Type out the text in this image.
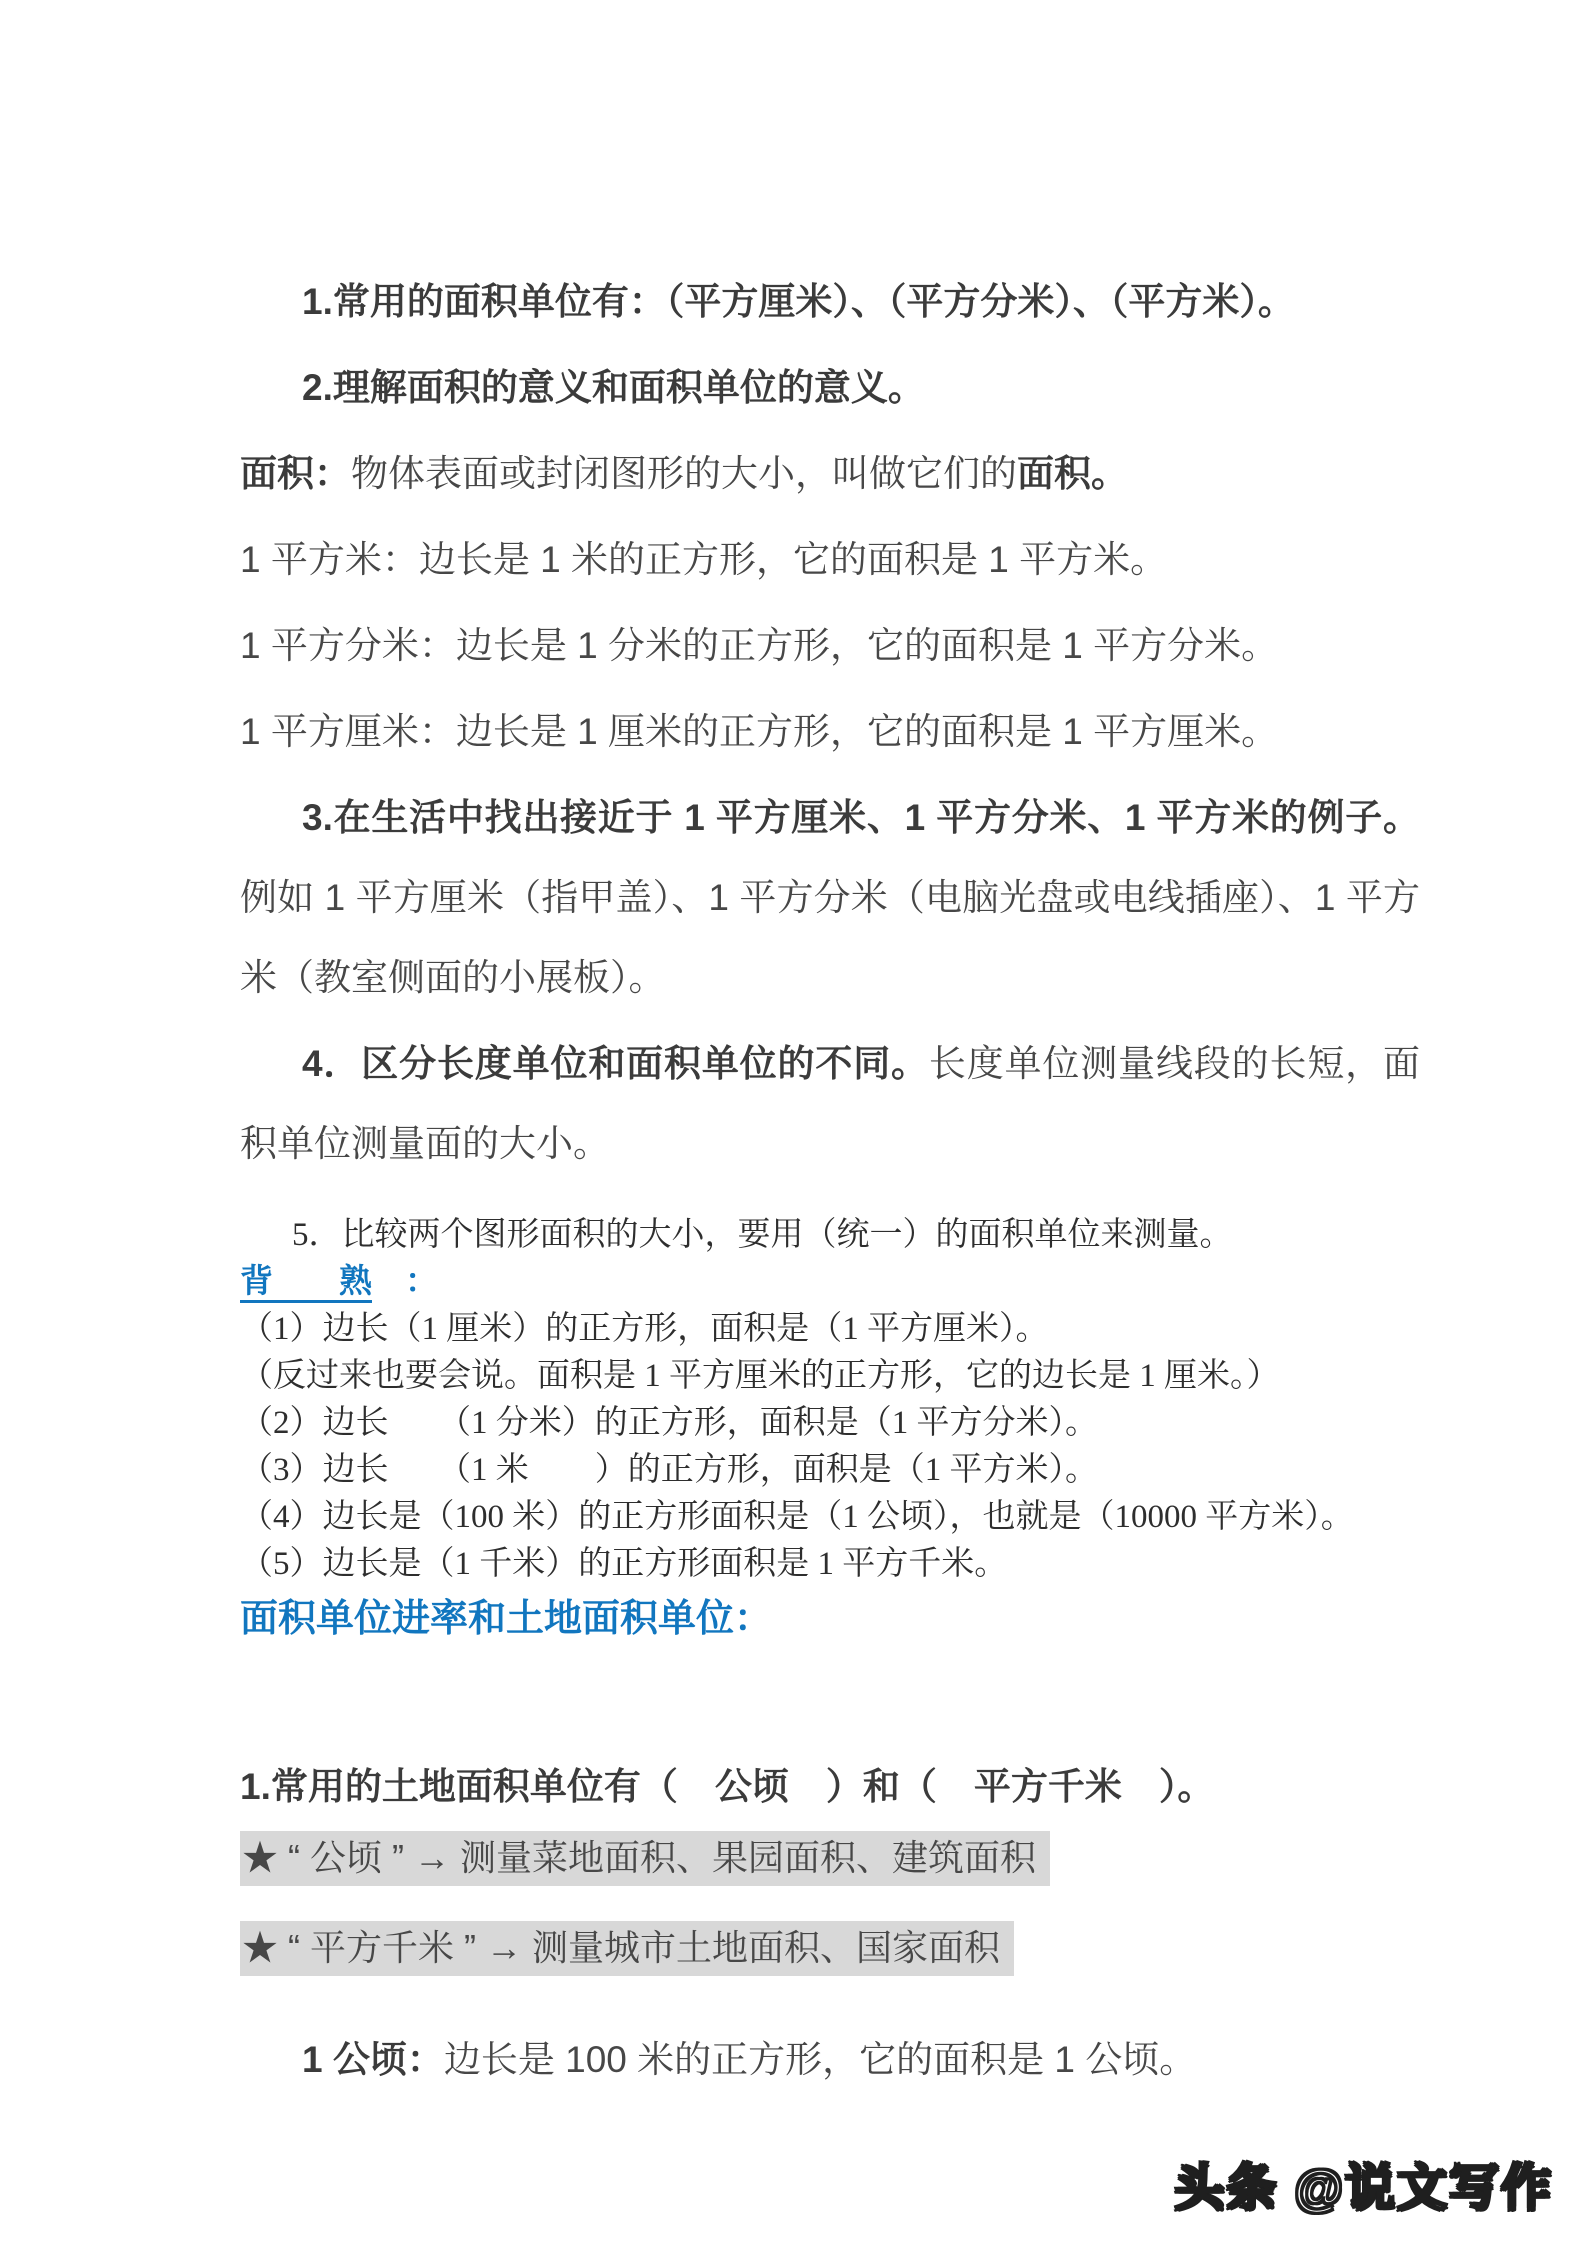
1.常用的面积单位有：（平方厘米）、（平方分米）、（平方米）。

2.理解面积的意义和面积单位的意义。

面积：物体表面或封闭图形的大小，叫做它们的面积。

1 平方米：边长是 1 米的正方形，它的面积是 1 平方米。

1 平方分米：边长是 1 分米的正方形，它的面积是 1 平方分米。

1 平方厘米：边长是 1 厘米的正方形，它的面积是 1 平方厘米。

3.在生活中找出接近于 1 平方厘米、1 平方分米、1 平方米的例子。例如 1 平方厘米（指甲盖）、1 平方分米（电脑光盘或电线插座）、1 平方米（教室侧面的小展板）。

4．区分长度单位和面积单位的不同。长度单位测量线段的长短，面积单位测量面的大小。

5．比较两个图形面积的大小，要用（统一）的面积单位来测量。

背　　熟　：

（1）边长（1 厘米）的正方形，面积是（1 平方厘米）。

（反过来也要会说。面积是 1 平方厘米的正方形，它的边长是 1 厘米。）

（2）边长　　（1 分米）的正方形，面积是（1 平方分米）。

（3）边长　　（1 米　　）的正方形，面积是（1 平方米）。

（4）边长是（100 米）的正方形面积是（1 公顷），也就是（10000 平方米）。

（5）边长是（1 千米）的正方形面积是 1 平方千米。

面积单位进率和土地面积单位：

1.常用的土地面积单位有（　公顷　）和（　平方千米　）。

★ “ 公顷 ” → 测量菜地面积、果园面积、建筑面积

★ “ 平方千米 ” → 测量城市土地面积、国家面积

1 公顷：边长是 100 米的正方形，它的面积是 1 公顷。

头条 @说文写作
